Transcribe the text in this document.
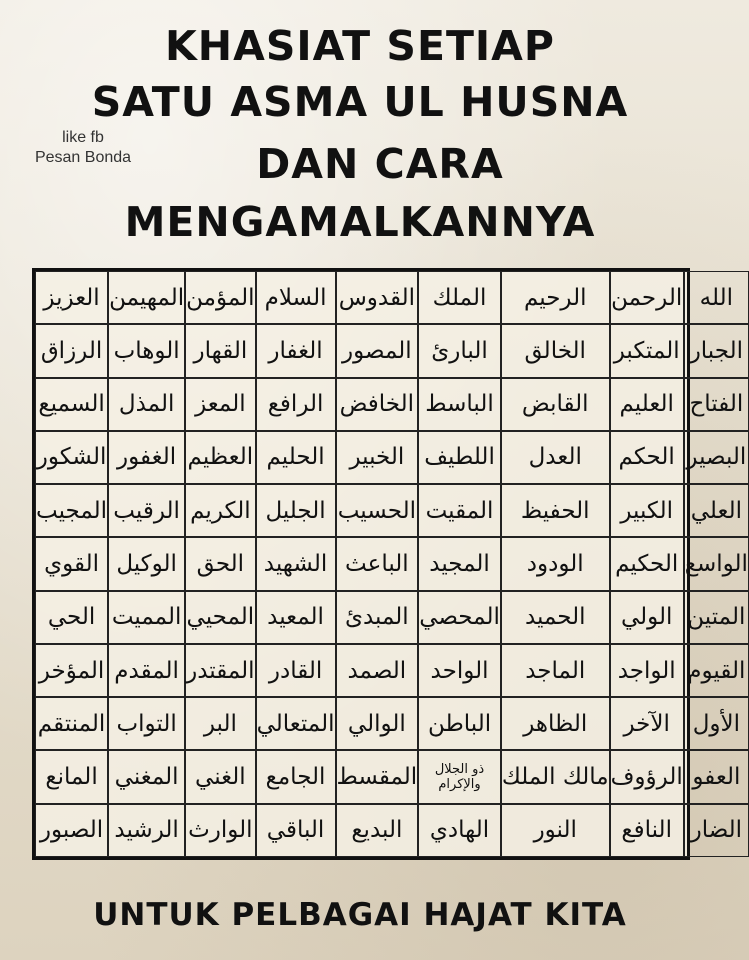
KHASIAT SETIAP
SATU ASMA UL HUSNA
DAN CARA
MENGAMALKANNYA
like fb
Pesan Bonda
الله
الرحمن
الرحيم
الملك
القدوس
السلام
المؤمن
المهيمن
العزيز
الجبار
المتكبر
الخالق
البارئ
المصور
الغفار
القهار
الوهاب
الرزاق
الفتاح
العليم
القابض
الباسط
الخافض
الرافع
المعز
المذل
السميع
البصير
الحكم
العدل
اللطيف
الخبير
الحليم
العظيم
الغفور
الشكور
العلي
الكبير
الحفيظ
المقيت
الحسيب
الجليل
الكريم
الرقيب
المجيب
الواسع
الحكيم
الودود
المجيد
الباعث
الشهيد
الحق
الوكيل
القوي
المتين
الولي
الحميد
المحصي
المبدئ
المعيد
المحيي
المميت
الحي
القيوم
الواجد
الماجد
الواحد
الصمد
القادر
المقتدر
المقدم
المؤخر
الأول
الآخر
الظاهر
الباطن
الوالي
المتعالي
البر
التواب
المنتقم
العفو
الرؤوف
مالك الملك
ذو الجلال والإكرام
المقسط
الجامع
الغني
المغني
المانع
الضار
النافع
النور
الهادي
البديع
الباقي
الوارث
الرشيد
الصبور
UNTUK PELBAGAI HAJAT KITA
